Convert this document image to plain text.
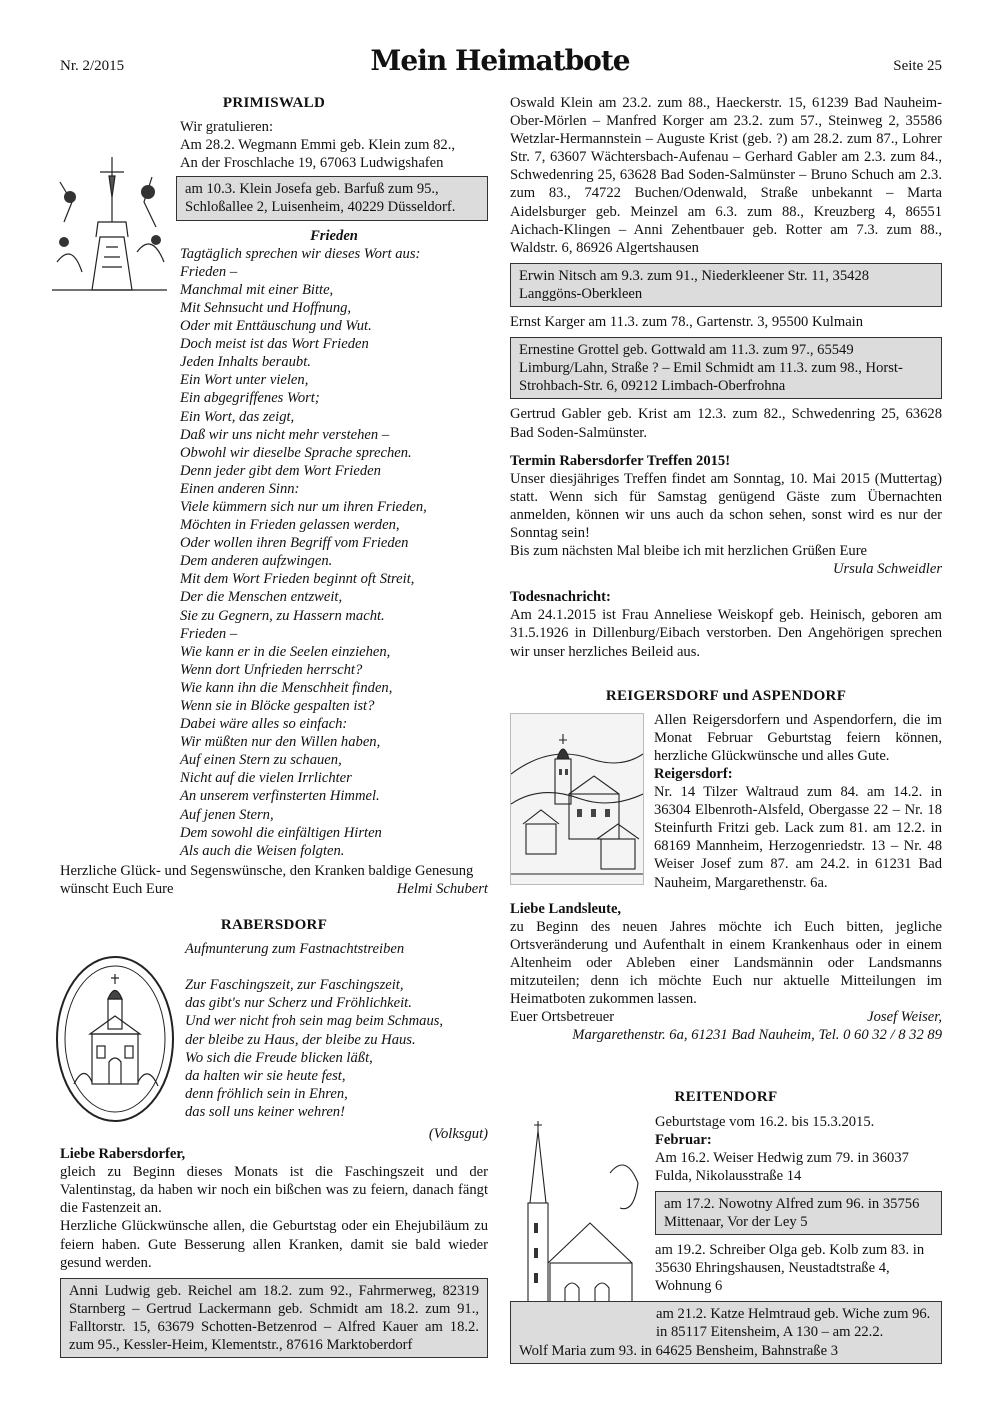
Nr. 2/2015	Mein Heimatbote	Seite 25
PRIMISWALD

Wir gratulieren:

Am 28.2. Wegmann Emmi geb. Klein zum 82.,

An der Froschlache 19, 67063 Ludwigshafen

am 10.3. Klein Josefa geb. Barfuß zum 95.,

Schloßallee 2, Luisenheim, 40229 Düsseldorf.

Frieden

Tagtäglich sprechen wir dieses Wort aus:

Frieden –

Manchmal mit einer Bitte,

Mit Sehnsucht und Hoffnung,

Oder mit Enttäuschung und Wut.

Doch meist ist das Wort Frieden

Jeden Inhalts beraubt.

Ein Wort unter vielen,

Ein abgegriffenes Wort;

Ein Wort, das zeigt,

Daß wir uns nicht mehr verstehen –

Obwohl wir dieselbe Sprache sprechen.

Denn jeder gibt dem Wort Frieden

Einen anderen Sinn:

Viele kümmern sich nur um ihren Frieden,

Möchten in Frieden gelassen werden,

Oder wollen ihren Begriff vom Frieden

Dem anderen aufzwingen.

Mit dem Wort Frieden beginnt oft Streit,

Der die Menschen entzweit,

Sie zu Gegnern, zu Hassern macht.

Frieden –

Wie kann er in die Seelen einziehen,

Wenn dort Unfrieden herrscht?

Wie kann ihn die Menschheit finden,

Wenn sie in Blöcke gespalten ist?

Dabei wäre alles so einfach:

Wir müßten nur den Willen haben,

Auf einen Stern zu schauen,

Nicht auf die vielen Irrlichter

An unserem verfinsterten Himmel.

Auf jenen Stern,

Dem sowohl die einfältigen Hirten

Als auch die Weisen folgten.

Herzliche Glück- und Segenswünsche, den Kranken baldige Genesung

wünscht Euch Eure	Helmi Schubert
RABERSDORF

Aufmunterung zum Fastnachtstreiben

Zur Faschingszeit, zur Faschingszeit,

das gibt's nur Scherz und Fröhlichkeit.

Und wer nicht froh sein mag beim Schmaus,

der bleibe zu Haus, der bleibe zu Haus.

Wo sich die Freude blicken läßt,

da halten wir sie heute fest,

denn fröhlich sein in Ehren,

das soll uns keiner wehren!

(Volksgut)

Liebe Rabersdorfer,

gleich zu Beginn dieses Monats ist die Faschingszeit und der Valentinstag, da haben wir noch ein bißchen was zu feiern, danach fängt die Fastenzeit an.

Herzliche Glückwünsche allen, die Geburtstag oder ein Ehejubiläum zu feiern haben. Gute Besserung allen Kranken, damit sie bald wieder gesund werden.

Anni Ludwig geb. Reichel am 18.2. zum 92., Fahrmerweg, 82319 Starnberg – Gertrud Lackermann geb. Schmidt am 18.2. zum 91., Falltorstr. 15, 63679 Schotten-Betzenrod – Alfred Kauer am 18.2. zum 95., Kessler-Heim, Klementstr., 87616 Marktoberdorf

Oswald Klein am 23.2. zum 88., Haeckerstr. 15, 61239 Bad Nauheim-Ober-Mörlen – Manfred Korger am 23.2. zum 57., Steinweg 2, 35586 Wetzlar-Hermannstein – Auguste Krist (geb. ?) am 28.2. zum 87., Lohrer Str. 7, 63607 Wächtersbach-Aufenau – Gerhard Gabler am 2.3. zum 84., Schwedenring 25, 63628 Bad Soden-Salmünster – Bruno Schuch am 2.3. zum 83., 74722 Buchen/Odenwald, Straße unbekannt – Marta Aidelsburger geb. Meinzel am 6.3. zum 88., Kreuzberg 4, 86551 Aichach-Klingen – Anni Zehentbauer geb. Rotter am 7.3. zum 88., Waldstr. 6, 86926 Algertshausen

Erwin Nitsch am 9.3. zum 91., Niederkleener Str. 11, 35428 Langgöns-Oberkleen

Ernst Karger am 11.3. zum 78., Gartenstr. 3, 95500 Kulmain

Ernestine Grottel geb. Gottwald am 11.3. zum 97., 65549 Limburg/Lahn, Straße ? – Emil Schmidt am 11.3. zum 98., Horst-Strohbach-Str. 6, 09212 Limbach-Oberfrohna

Gertrud Gabler geb. Krist am 12.3. zum 82., Schwedenring 25, 63628 Bad Soden-Salmünster.

Termin Rabersdorfer Treffen 2015!

Unser diesjähriges Treffen findet am Sonntag, 10. Mai 2015 (Muttertag) statt. Wenn sich für Samstag genügend Gäste zum Übernachten anmelden, können wir uns auch da schon sehen, sonst wird es nur der Sonntag sein!

Bis zum nächsten Mal bleibe ich mit herzlichen Grüßen Eure

Ursula Schweidler

Todesnachricht:

Am 24.1.2015 ist Frau Anneliese Weiskopf geb. Heinisch, geboren am 31.5.1926 in Dillenburg/Eibach verstorben. Den Angehörigen sprechen wir unser herzliches Beileid aus.

REIGERSDORF und ASPENDORF

Allen Reigersdorfern und Aspendorfern, die im Monat Februar Geburtstag feiern können, herzliche Glückwünsche und alles Gute.

Reigersdorf:

Nr. 14 Tilzer Waltraud zum 84. am 14.2. in 36304 Elbenroth-Alsfeld, Obergasse 22 – Nr. 18 Steinfurth Fritzi geb. Lack zum 81. am 12.2. in 68169 Mannheim, Herzogenriedstr. 13 – Nr. 48 Weiser Josef zum 87. am 24.2. in 61231 Bad Nauheim, Margarethenstr. 6a.

Liebe Landsleute,

zu Beginn des neuen Jahres möchte ich Euch bitten, jegliche Ortsveränderung und Aufenthalt in einem Krankenhaus oder in einem Altenheim oder Ableben einer Landsmännin oder Landsmanns mitzuteilen; denn ich möchte Euch nur aktuelle Mitteilungen im Heimatboten zukommen lassen.

Euer Ortsbetreuer	Josef Weiser,

Margarethenstr. 6a, 61231 Bad Nauheim, Tel. 0 60 32 / 8 32 89

REITENDORF

Geburtstage vom 16.2. bis 15.3.2015.

Februar:

Am 16.2. Weiser Hedwig zum 79. in 36037 Fulda, Nikolausstraße 14

am 17.2. Nowotny Alfred zum 96. in 35756 Mittenaar, Vor der Ley 5

am 19.2. Schreiber Olga geb. Kolb zum 83. in 35630 Ehringshausen, Neustadtstraße 4, Wohnung 6

am 21.2. Katze Helmtraud geb. Wiche zum 96. in 85117 Eitensheim, A 130 – am 22.2.

Wolf Maria zum 93. in 64625 Bensheim, Bahnstraße 3
